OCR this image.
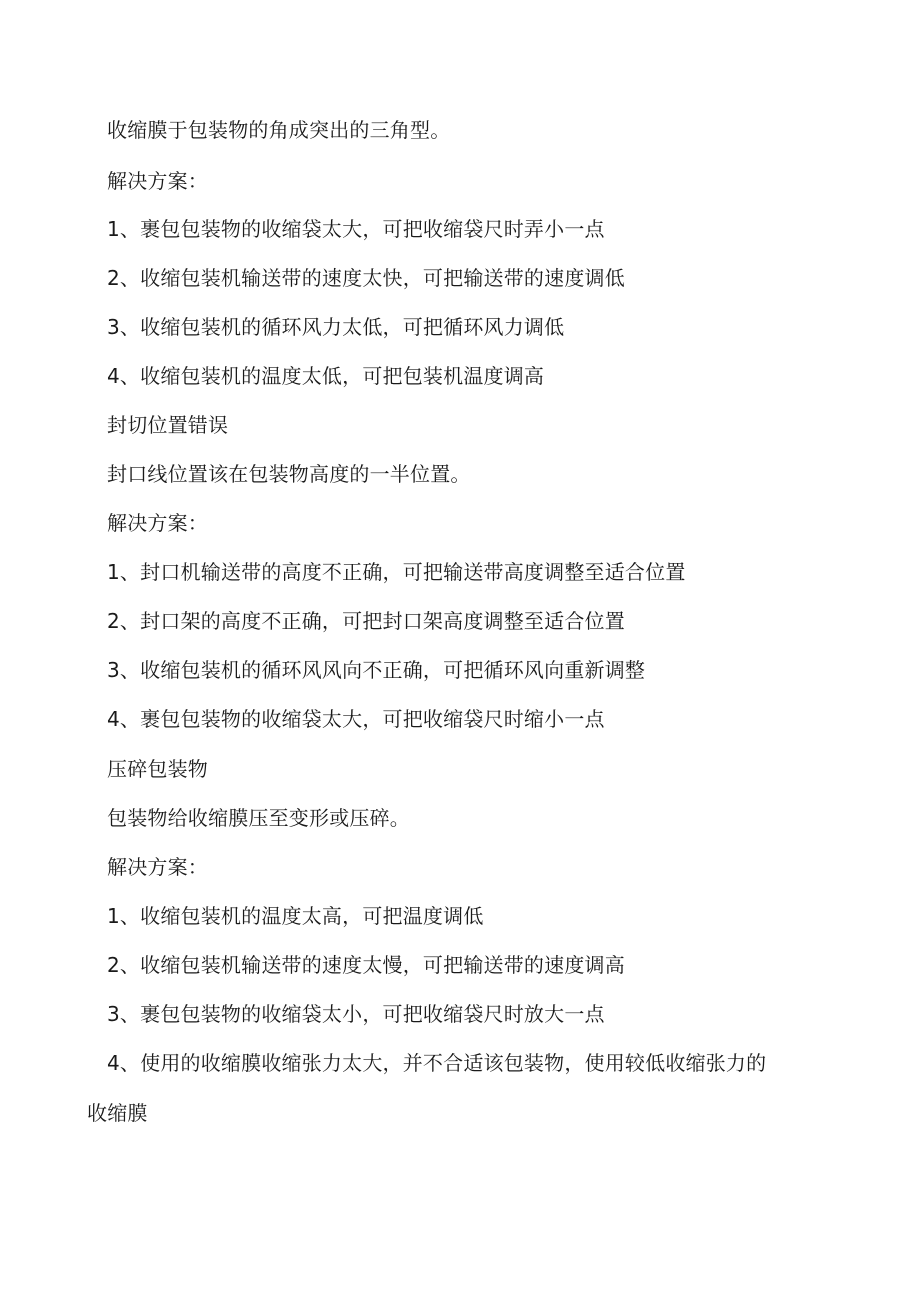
收缩膜于包装物的角成突出的三角型。
解决方案：
1、裹包包装物的收缩袋太大，可把收缩袋尺时弄小一点
2、收缩包装机输送带的速度太快，可把输送带的速度调低
3、收缩包装机的循环风力太低，可把循环风力调低
4、收缩包装机的温度太低，可把包装机温度调高
封切位置错误
封口线位置该在包装物高度的一半位置。
解决方案：
1、封口机输送带的高度不正确，可把输送带高度调整至适合位置
2、封口架的高度不正确，可把封口架高度调整至适合位置
3、收缩包装机的循环风风向不正确，可把循环风向重新调整
4、裹包包装物的收缩袋太大，可把收缩袋尺时缩小一点
压碎包装物
包装物给收缩膜压至变形或压碎。
解决方案：
1、收缩包装机的温度太高，可把温度调低
2、收缩包装机输送带的速度太慢，可把输送带的速度调高
3、裹包包装物的收缩袋太小，可把收缩袋尺时放大一点
4、使用的收缩膜收缩张力太大，并不合适该包装物，使用较低收缩张力的
收缩膜
